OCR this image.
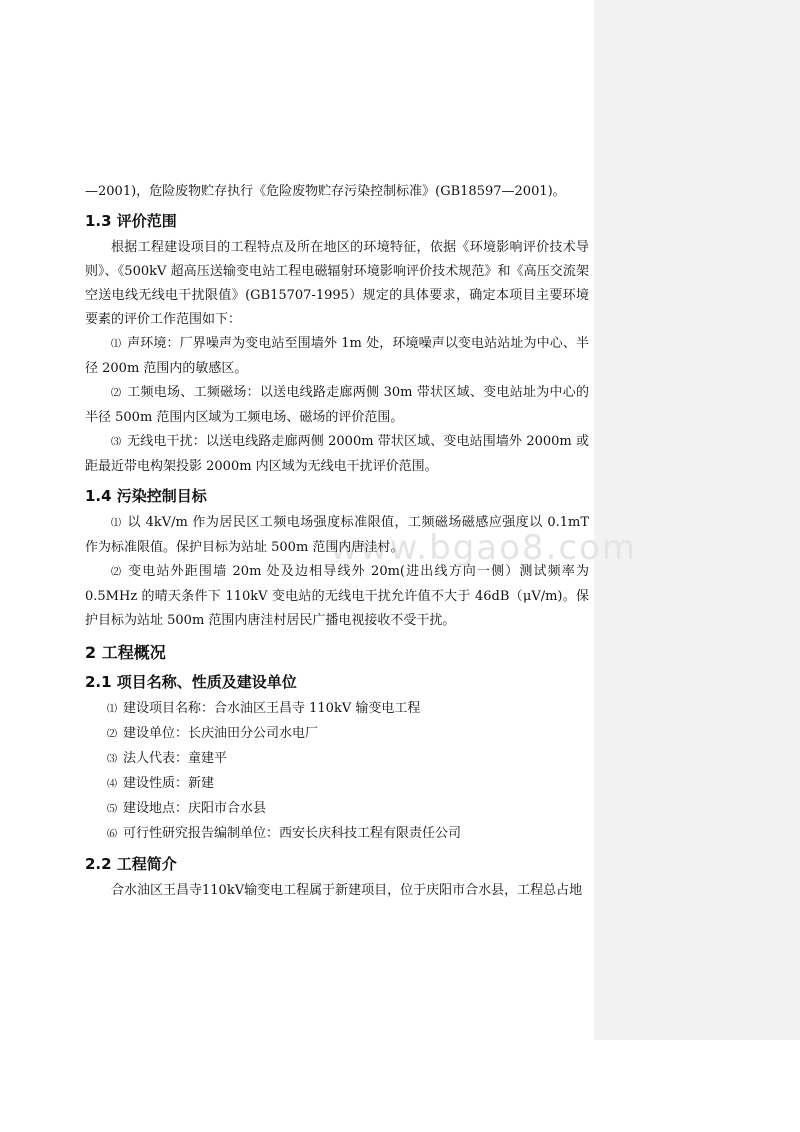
www.bgao8.com

—2001)，危险废物贮存执行《危险废物贮存污染控制标准》(GB18597—2001)。

1.3 评价范围

根据工程建设项目的工程特点及所在地区的环境特征，依据《环境影响评价技术导则》、《500kV 超高压送输变电站工程电磁辐射环境影响评价技术规范》和《高压交流架空送电线无线电干扰限值》(GB15707-1995）规定的具体要求，确定本项目主要环境要素的评价工作范围如下：

⑴ 声环境：厂界噪声为变电站至围墙外 1m 处，环境噪声以变电站站址为中心、半径 200m 范围内的敏感区。

⑵ 工频电场、工频磁场：以送电线路走廊两侧 30m 带状区域、变电站址为中心的半径 500m 范围内区域为工频电场、磁场的评价范围。

⑶ 无线电干扰：以送电线路走廊两侧 2000m 带状区域、变电站围墙外 2000m 或距最近带电构架投影 2000m 内区域为无线电干扰评价范围。

1.4 污染控制目标

⑴ 以 4kV/m 作为居民区工频电场强度标准限值，工频磁场磁感应强度以 0.1mT 作为标准限值。保护目标为站址 500m 范围内唐洼村。

⑵ 变电站外距围墙 20m 处及边相导线外 20m(进出线方向一侧）测试频率为 0.5MHz 的晴天条件下 110kV 变电站的无线电干扰允许值不大于 46dB（μV/m)。保护目标为站址 500m 范围内唐洼村居民广播电视接收不受干扰。

2 工程概况
2.1 项目名称、性质及建设单位
⑴ 建设项目名称：合水油区王昌寺 110kV 输变电工程
⑵ 建设单位：长庆油田分公司水电厂
⑶ 法人代表：童建平
⑷ 建设性质：新建
⑸ 建设地点：庆阳市合水县
⑹ 可行性研究报告编制单位：西安长庆科技工程有限责任公司
2.2 工程简介

合水油区王昌寺110kV输变电工程属于新建项目，位于庆阳市合水县，工程总占地
